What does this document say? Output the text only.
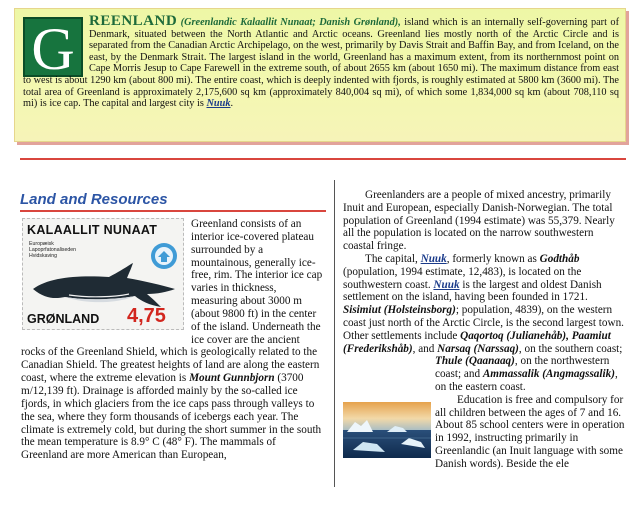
G REENLAND (Greenlandic Kalaallit Nunaat; Danish Grønland), island which is an internally self-governing part of Denmark, situated between the North Atlantic and Arctic oceans. Greenland lies mostly north of the Arctic Circle and is separated from the Canadian Arctic Archipelago, on the west, primarily by Davis Strait and Baffin Bay, and from Iceland, on the east, by the Denmark Strait. The largest island in the world, Greenland has a maximum extent, from its northernmost point on Cape Morris Jesup to Cape Farewell in the extreme south, of about 2655 km (about 1650 mi). The maximum distance from east to west is about 1290 km (about 800 mi). The entire coast, which is deeply indented with fjords, is roughly estimated at 5800 km (3600 mi). The total area of Greenland is approximately 2,175,600 sq km (approximately 840,004 sq mi), of which some 1,834,000 sq km (about 708,110 sq mi) is ice cap. The capital and largest city is Nuuk.

Land and Resources
KALAALLIT NUNAAT
Europæisk Lapoprfatonaliseden Hvidskaving
GRØNLAND 4,75

Greenland consists of an interior ice-covered plateau surrounded by a mountainous, generally ice-free, rim. The interior ice cap varies in thickness, measuring about 3000 m (about 9800 ft) in the center of the island. Underneath the ice cover are the ancient rocks of the Greenland Shield, which is geologically related to the Canadian Shield. The greatest heights of land are along the eastern coast, where the extreme elevation is Mount Gunnbjorn (3700 m/12,139 ft). Drainage is afforded mainly by the so-called ice fjords, in which glaciers from the ice caps pass through valleys to the sea, where they form thousands of icebergs each year. The climate is extremely cold, but during the short summer in the south the mean temperature is 8.9° C (48° F). The mammals of Greenland are more American than European,

Greenlanders are a people of mixed ancestry, primarily Inuit and European, especially Danish-Norwegian. The total population of Greenland (1994 estimate) was 55,379. Nearly all the population is located on the narrow southwestern coastal fringe.

The capital, Nuuk, formerly known as Godthåb (population, 1994 estimate, 12,483), is located on the southwestern coast. Nuuk is the largest and oldest Danish settlement on the island, having been founded in 1721. Sisimiut (Holsteinsborg); population, 4839), on the western coast just north of the Arctic Circle, is the second largest town. Other settlements include Qaqortoq (Julianehåb), Paamiut (Frederikshåb), and Narsaq (Narssaq), on the southern coast; Thule (Qaanaaq)
, on the northwestern coast; and Ammassalik (Angmagssalik), on the eastern coast.

Education is free and compulsory for all children between the ages of 7 and 16. About 85 school centers were in operation in 1992, instructing primarily in Greenlandic (an Inuit language with some Danish words). Beside the ele
